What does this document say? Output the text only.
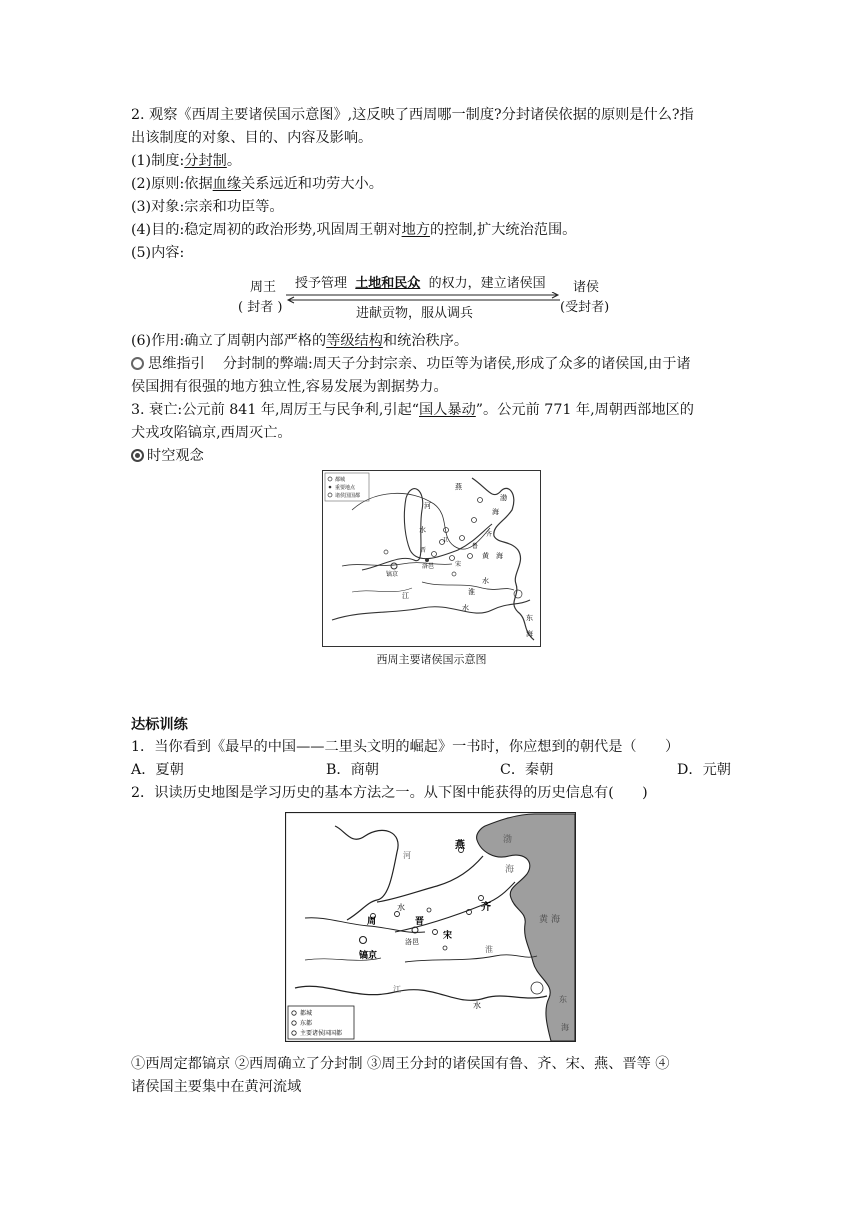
2. 观察《西周主要诸侯国示意图》,这反映了西周哪一制度?分封诸侯依据的原则是什么?指
出该制度的对象、目的、内容及影响。
(1)制度:分封制。
(2)原则:依据血缘关系远近和功劳大小。
(3)对象:宗亲和功臣等。
(4)目的:稳定周初的政治形势,巩固周王朝对地方的控制,扩大统治范围。
(5)内容:
周王
( 封者 )
授予管理 土地和民众 的权力，建立诸侯国
进献贡物，服从调兵
诸侯
(受封者)
(6)作用:确立了周朝内部严格的等级结构和统治秩序。
思维指引 分封制的弊端:周天子分封宗亲、功臣等为诸侯,形成了众多的诸侯国,由于诸
侯国拥有很强的地方独立性,容易发展为割据势力。
3. 衰亡:公元前 841 年,周厉王与民争利,引起“国人暴动”。公元前 771 年,周朝西部地区的
犬戎攻陷镐京,西周灭亡。
时空观念
都城
重要地点
诸侯国国都
燕
渤
海
河
水
卫
晋
齐
鲁
黄 海
洛邑	宋
镐京
江
水
淮
水
东
海
西周主要诸侯国示意图
达标训练
1．当你看到《最早的中国——二里头文明的崛起》一书时，你应想到的朝代是（　　）
A．夏朝	B．商朝	C．秦朝	D．元朝
2．识读历史地图是学习历史的基本方法之一。从下图中能获得的历史信息有(　　)
燕	渤
海
河
水
周	晋
洛邑
宋
齐
黄 海
镐京
江
淮
水
东
海
都城
东都
主要诸侯国国都
①西周定都镐京 ②西周确立了分封制 ③周王分封的诸侯国有鲁、齐、宋、燕、晋等 ④
诸侯国主要集中在黄河流域
